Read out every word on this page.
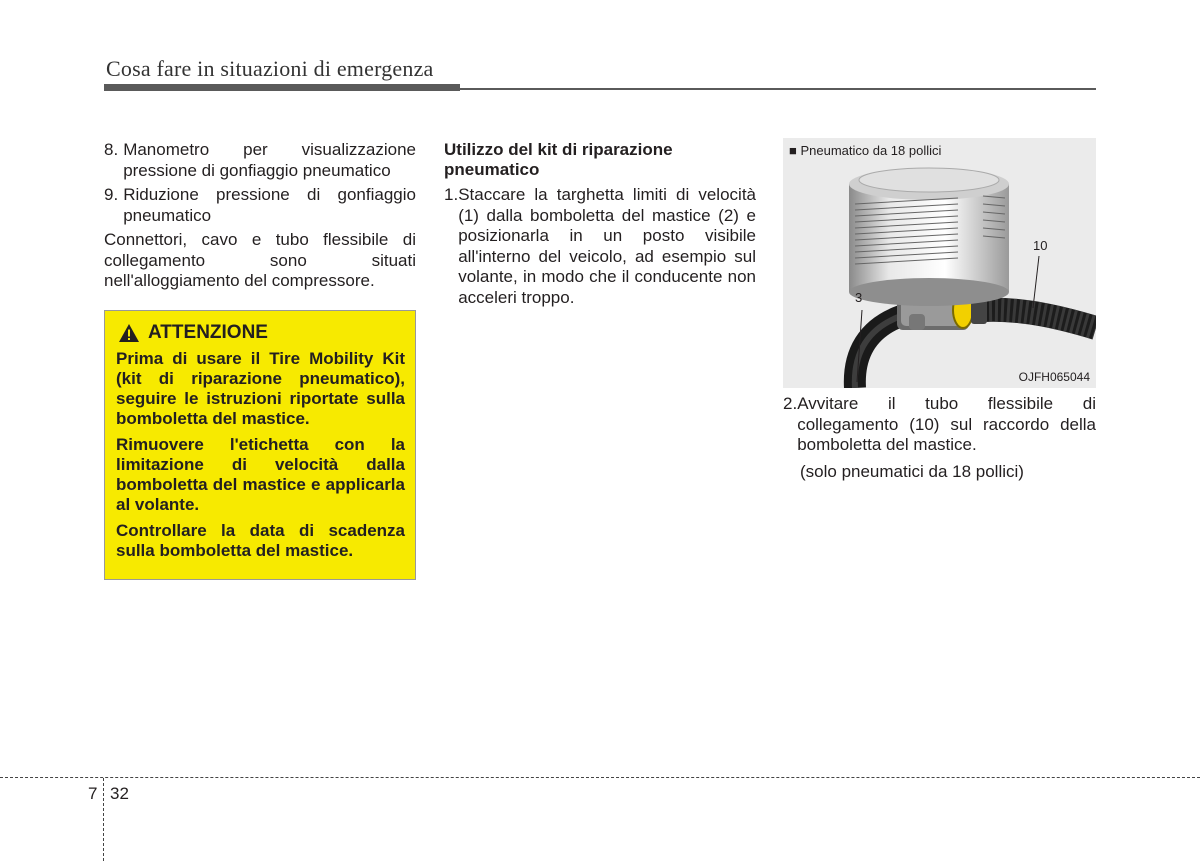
Cosa fare in situazioni di emergenza
8. Manometro per visualizzazione pressione di gonfiaggio pneumatico
9. Riduzione pressione di gonfiaggio pneumatico
Connettori, cavo e tubo flessibile di collegamento sono situati nell'alloggiamento del compressore.
ATTENZIONE

Prima di usare il Tire Mobility Kit (kit di riparazione pneumatico), seguire le istruzioni riportate sulla bomboletta del mastice.

Rimuovere l'etichetta con la limitazione di velocità dalla bomboletta del mastice e applicarla al volante.

Controllare la data di scadenza sulla bomboletta del mastice.

Utilizzo del kit di riparazione pneumatico
1. Staccare la targhetta limiti di velocità (1) dalla bomboletta del mastice (2) e posizionarla in un posto visibile all'interno del veicolo, ad esempio sul volante, in modo che il conducente non acceleri troppo.
■ Pneumatico da 18 pollici
3
10
OJFH065044
2. Avvitare il tubo flessibile di collegamento (10) sul raccordo della bomboletta del mastice.
(solo pneumatici da 18 pollici)
7 32
